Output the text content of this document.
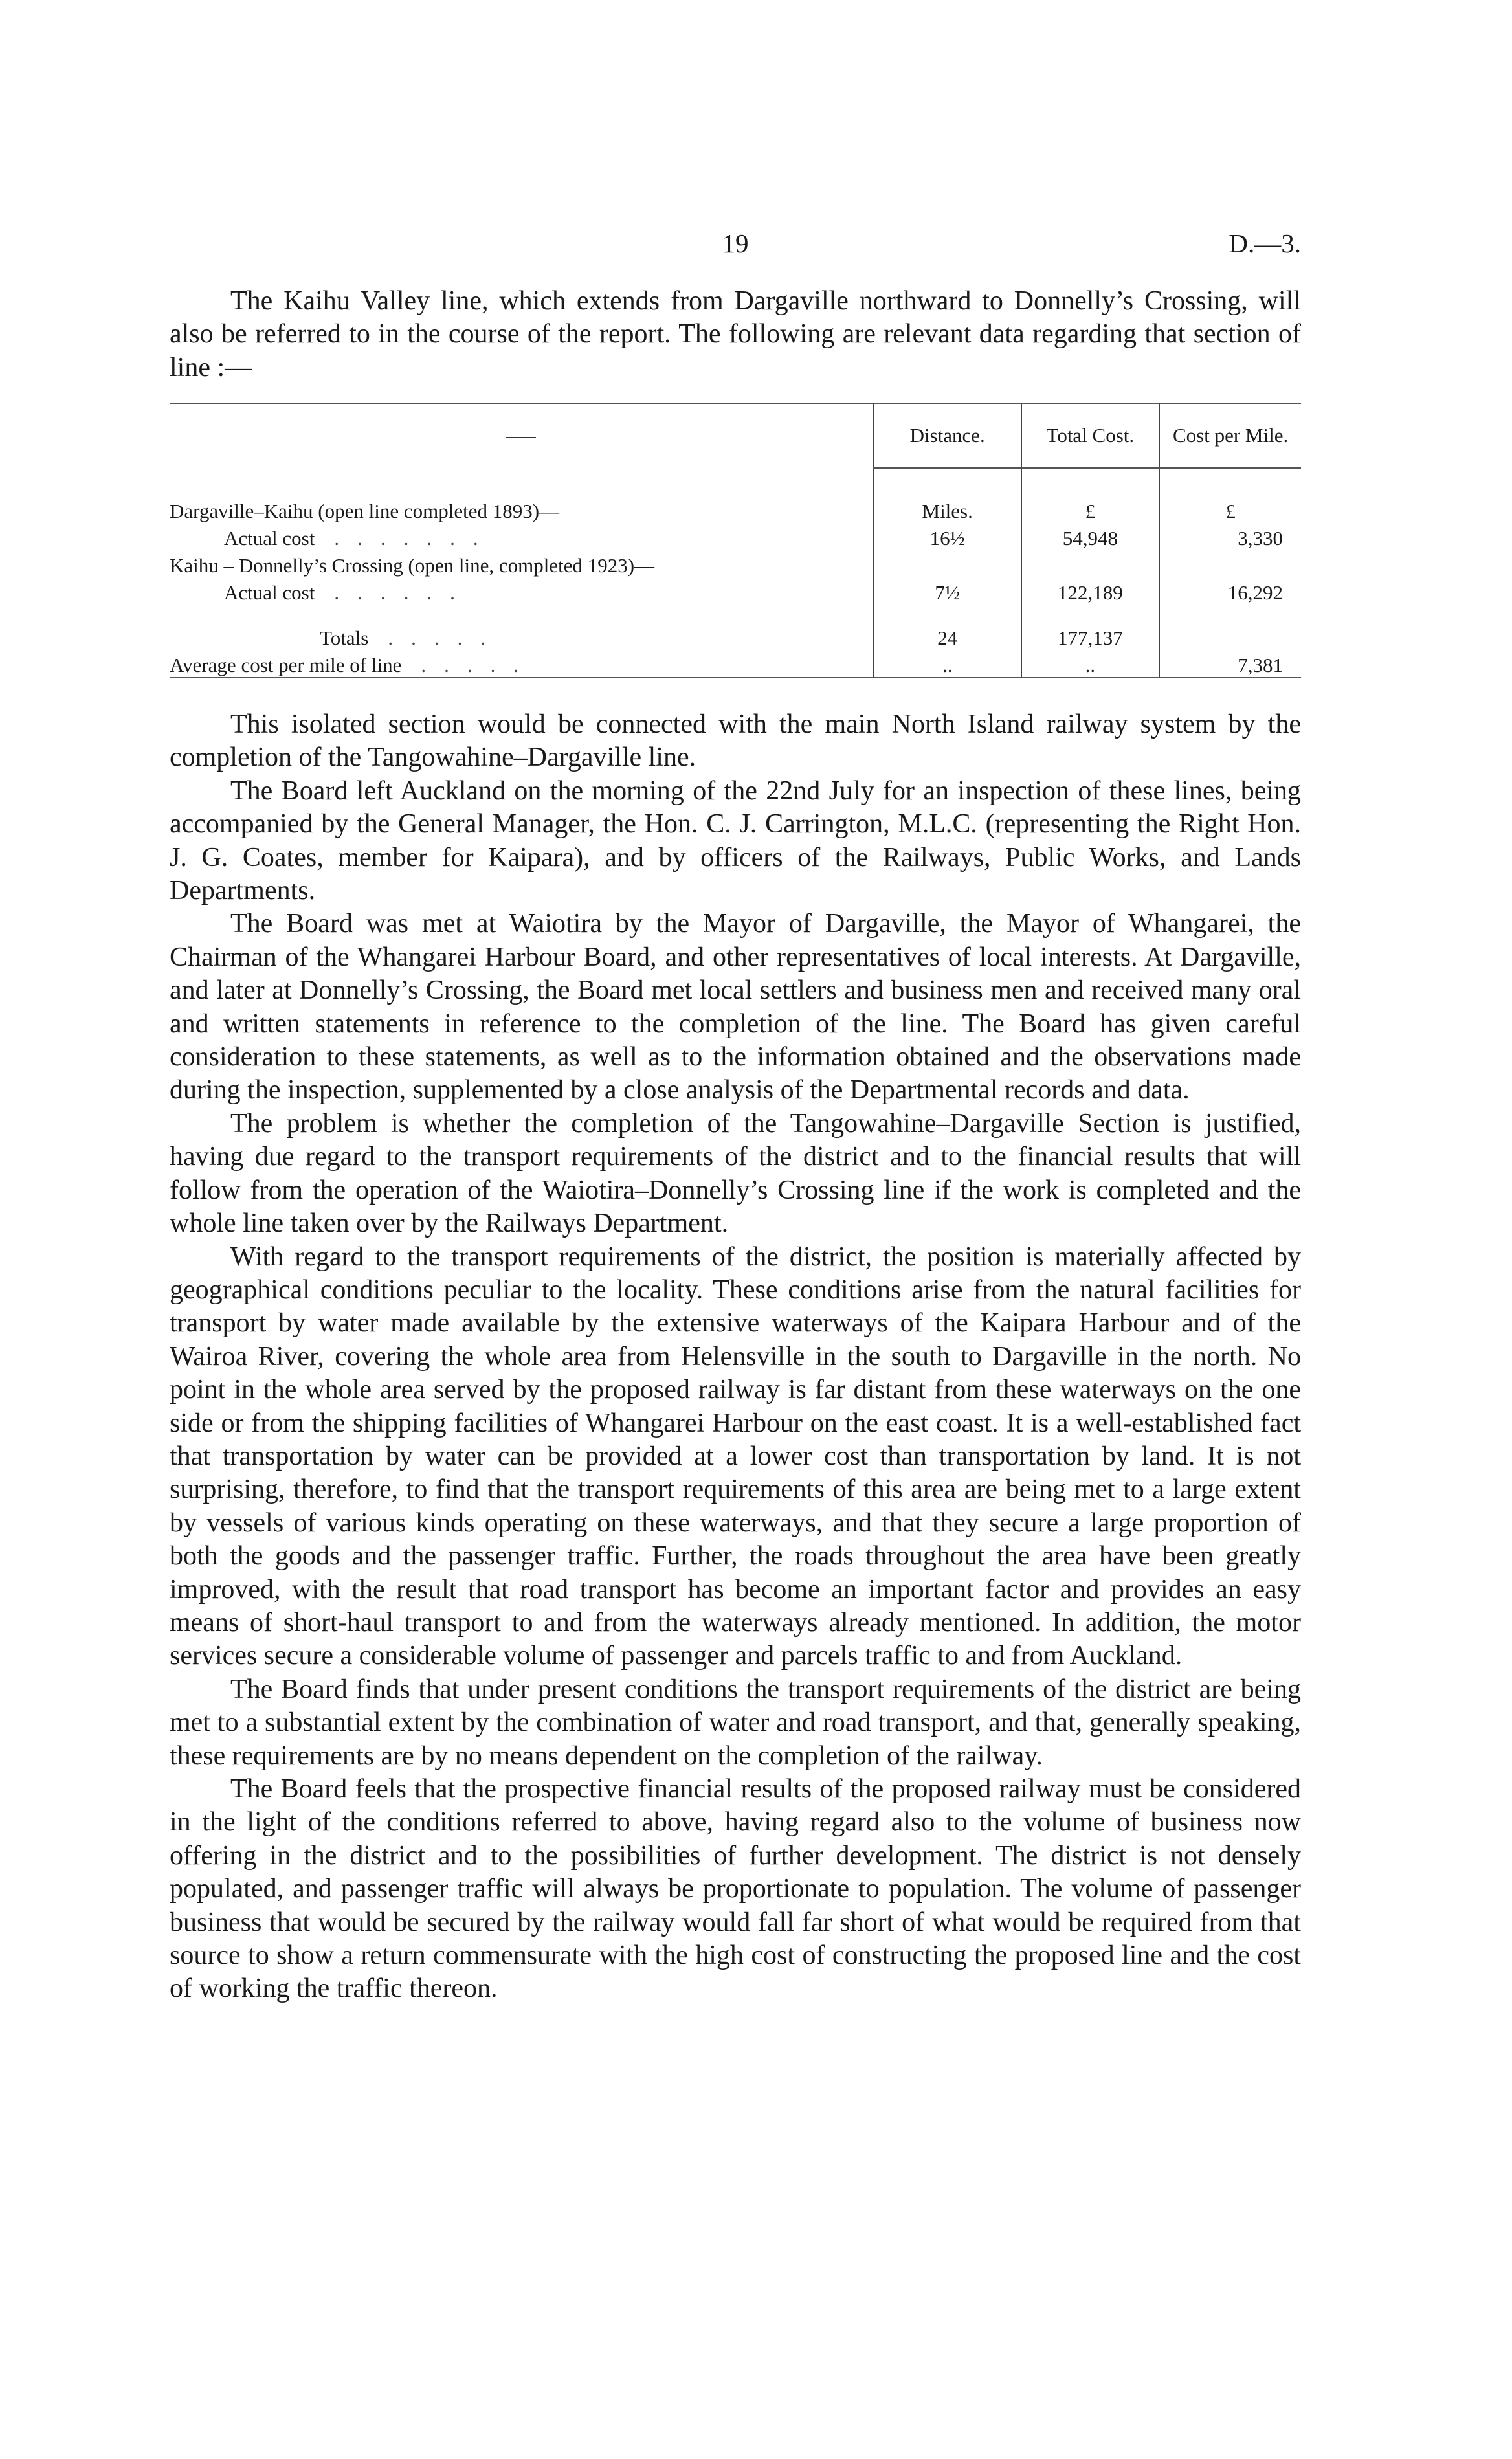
19	D.—3.

The Kaihu Valley line, which extends from Dargaville northward to Donnelly’s Crossing, will also be referred to in the course of the report. The following are relevant data regarding that section of line :—

	Distance.	Total Cost.	Cost per Mile.

Dargaville–Kaihu (open line completed 1893)—	Miles.	£	£
Actual cost .......	16½	54,948	3,330
Kaihu – Donnelly’s Crossing (open line, completed 1923)—			
Actual cost ......	7½	122,189	16,292

Totals .....	24	177,137	
Average cost per mile of line .....	..	..	7,381

This isolated section would be connected with the main North Island railway system by the completion of the Tangowahine–Dargaville line.

The Board left Auckland on the morning of the 22nd July for an inspection of these lines, being accompanied by the General Manager, the Hon. C. J. Carrington, M.L.C. (representing the Right Hon. J. G. Coates, member for Kaipara), and by officers of the Railways, Public Works, and Lands Departments.

The Board was met at Waiotira by the Mayor of Dargaville, the Mayor of Whangarei, the Chairman of the Whangarei Harbour Board, and other representatives of local interests. At Dargaville, and later at Donnelly’s Crossing, the Board met local settlers and business men and received many oral and written statements in reference to the completion of the line. The Board has given careful consideration to these statements, as well as to the information obtained and the observations made during the inspection, supplemented by a close analysis of the Departmental records and data.

The problem is whether the completion of the Tangowahine–Dargaville Section is justified, having due regard to the transport requirements of the district and to the financial results that will follow from the operation of the Waiotira–Donnelly’s Crossing line if the work is completed and the whole line taken over by the Railways Department.

With regard to the transport requirements of the district, the position is materially affected by geographical conditions peculiar to the locality. These conditions arise from the natural facilities for transport by water made available by the extensive waterways of the Kaipara Harbour and of the Wairoa River, covering the whole area from Helensville in the south to Dargaville in the north. No point in the whole area served by the proposed railway is far distant from these waterways on the one side or from the shipping facilities of Whangarei Harbour on the east coast. It is a well-established fact that transportation by water can be provided at a lower cost than transportation by land. It is not surprising, therefore, to find that the transport requirements of this area are being met to a large extent by vessels of various kinds operating on these waterways, and that they secure a large proportion of both the goods and the passenger traffic. Further, the roads throughout the area have been greatly improved, with the result that road transport has become an important factor and provides an easy means of short-haul transport to and from the waterways already mentioned. In addition, the motor services secure a considerable volume of passenger and parcels traffic to and from Auckland.

The Board finds that under present conditions the transport requirements of the district are being met to a substantial extent by the combination of water and road transport, and that, generally speaking, these requirements are by no means dependent on the completion of the railway.

The Board feels that the prospective financial results of the proposed railway must be considered in the light of the conditions referred to above, having regard also to the volume of business now offering in the district and to the possibilities of further development. The district is not densely populated, and passenger traffic will always be proportionate to population. The volume of passenger business that would be secured by the railway would fall far short of what would be required from that source to show a return commensurate with the high cost of constructing the proposed line and the cost of working the traffic thereon.
